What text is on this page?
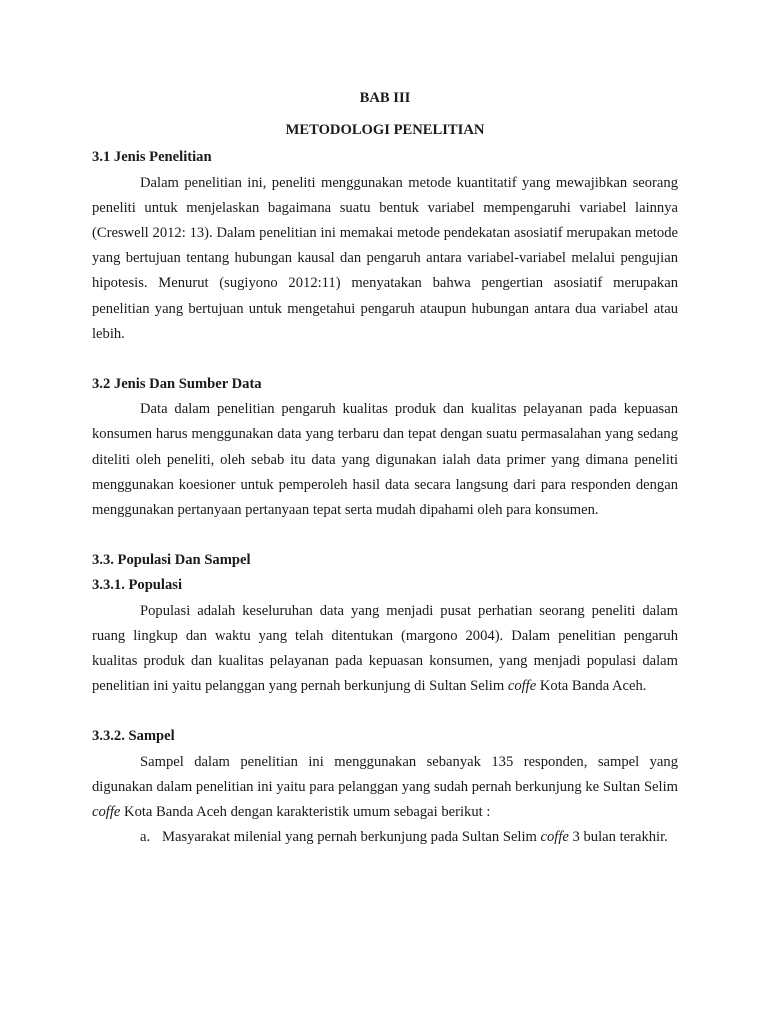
BAB III

METODOLOGI PENELITIAN

3.1 Jenis Penelitian

Dalam penelitian ini, peneliti menggunakan metode kuantitatif yang mewajibkan seorang peneliti untuk menjelaskan bagaimana suatu bentuk variabel mempengaruhi variabel lainnya (Creswell 2012: 13). Dalam penelitian ini memakai metode pendekatan asosiatif merupakan metode yang bertujuan tentang hubungan kausal dan pengaruh antara variabel-variabel melalui pengujian hipotesis. Menurut (sugiyono 2012:11) menyatakan bahwa pengertian asosiatif merupakan penelitian yang bertujuan untuk mengetahui pengaruh ataupun hubungan antara dua variabel atau lebih.

3.2 Jenis Dan Sumber Data

Data dalam penelitian pengaruh kualitas produk dan kualitas pelayanan pada kepuasan konsumen harus menggunakan data yang terbaru dan tepat dengan suatu permasalahan yang sedang diteliti oleh peneliti, oleh sebab itu data yang digunakan ialah data primer yang dimana peneliti menggunakan koesioner untuk pemperoleh hasil data secara langsung dari para responden dengan menggunakan pertanyaan pertanyaan tepat serta mudah dipahami oleh para konsumen.

3.3. Populasi Dan Sampel

3.3.1. Populasi

Populasi adalah keseluruhan data yang menjadi pusat perhatian seorang peneliti dalam ruang lingkup dan waktu yang telah ditentukan (margono 2004). Dalam penelitian pengaruh kualitas produk dan kualitas pelayanan pada kepuasan konsumen, yang menjadi populasi dalam penelitian ini yaitu pelanggan yang pernah berkunjung di Sultan Selim coffe Kota Banda Aceh.

3.3.2. Sampel

Sampel dalam penelitian ini menggunakan sebanyak 135 responden, sampel yang digunakan dalam penelitian ini yaitu para pelanggan yang sudah pernah berkunjung ke Sultan Selim coffe Kota Banda Aceh dengan karakteristik umum sebagai berikut :

a. Masyarakat milenial yang pernah berkunjung pada Sultan Selim coffe 3 bulan terakhir.
